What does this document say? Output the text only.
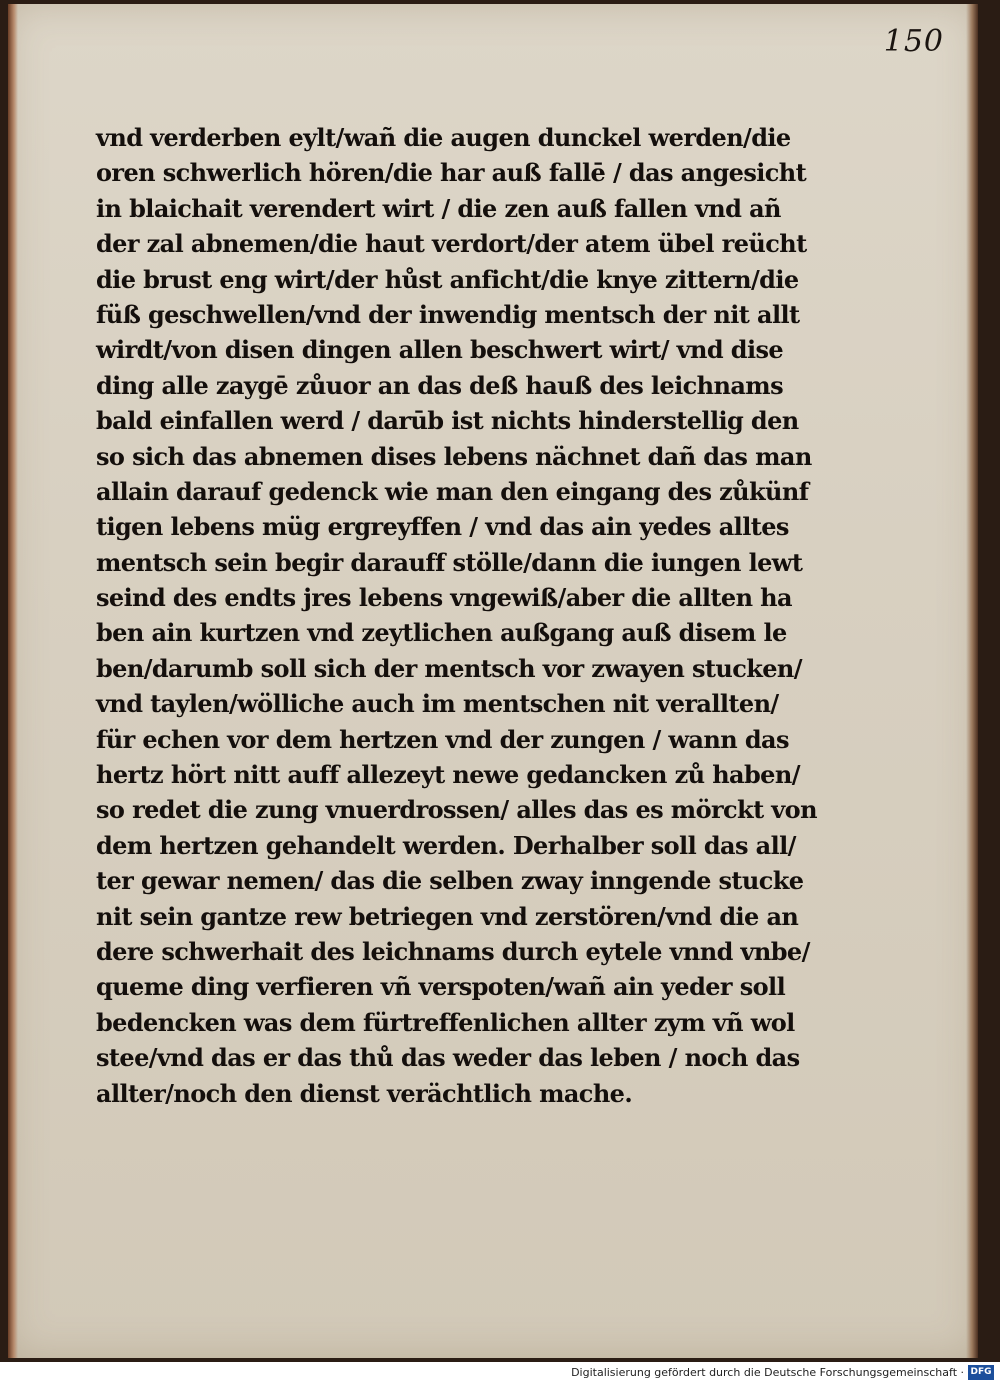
150
vnd verderben eylt/wañ die augen dunckel werden/die
oren schwerlich hören/die har auß fallē / das angesicht
in blaichait verendert wirt / die zen auß fallen vnd añ
der zal abnemen/die haut verdort/der atem übel reücht
die brust eng wirt/der hůst anficht/die knye zittern/die
füß geschwellen/vnd der inwendig mentsch der nit allt
wirdt/von disen dingen allen beschwert wirt/ vnd dise
ding alle zaygē zůuor an das deß hauß des leichnams
bald einfallen werd / darūb ist nichts hinderstellig den
so sich das abnemen dises lebens nächnet dañ das man
allain darauf gedenck wie man den eingang des zůkünf
tigen lebens müg ergreyffen / vnd das ain yedes alltes
mentsch sein begir darauff stölle/dann die iungen lewt
seind des endts jres lebens vngewiß/aber die allten ha
ben ain kurtzen vnd zeytlichen außgang auß disem le
ben/darumb soll sich der mentsch vor zwayen stucken/
vnd taylen/wölliche auch im mentschen nit verallten/
für echen vor dem hertzen vnd der zungen / wann das
hertz hört nitt auff allezeyt newe gedancken zů haben/
so redet die zung vnuerdrossen/ alles das es mörckt von
dem hertzen gehandelt werden. Derhalber soll das all/
ter gewar nemen/ das die selben zway inngende stucke
nit sein gantze rew betriegen vnd zerstören/vnd die an
dere schwerhait des leichnams durch eytele vnnd vnbe/
queme ding verfieren vñ verspoten/wañ ain yeder soll
bedencken was dem fürtreffenlichen allter zym vñ wol
stee/vnd das er das thů das weder das leben / noch das
allter/noch den dienst verächtlich mache.
Digitalisierung gefördert durch die Deutsche Forschungsgemeinschaft · DFG
